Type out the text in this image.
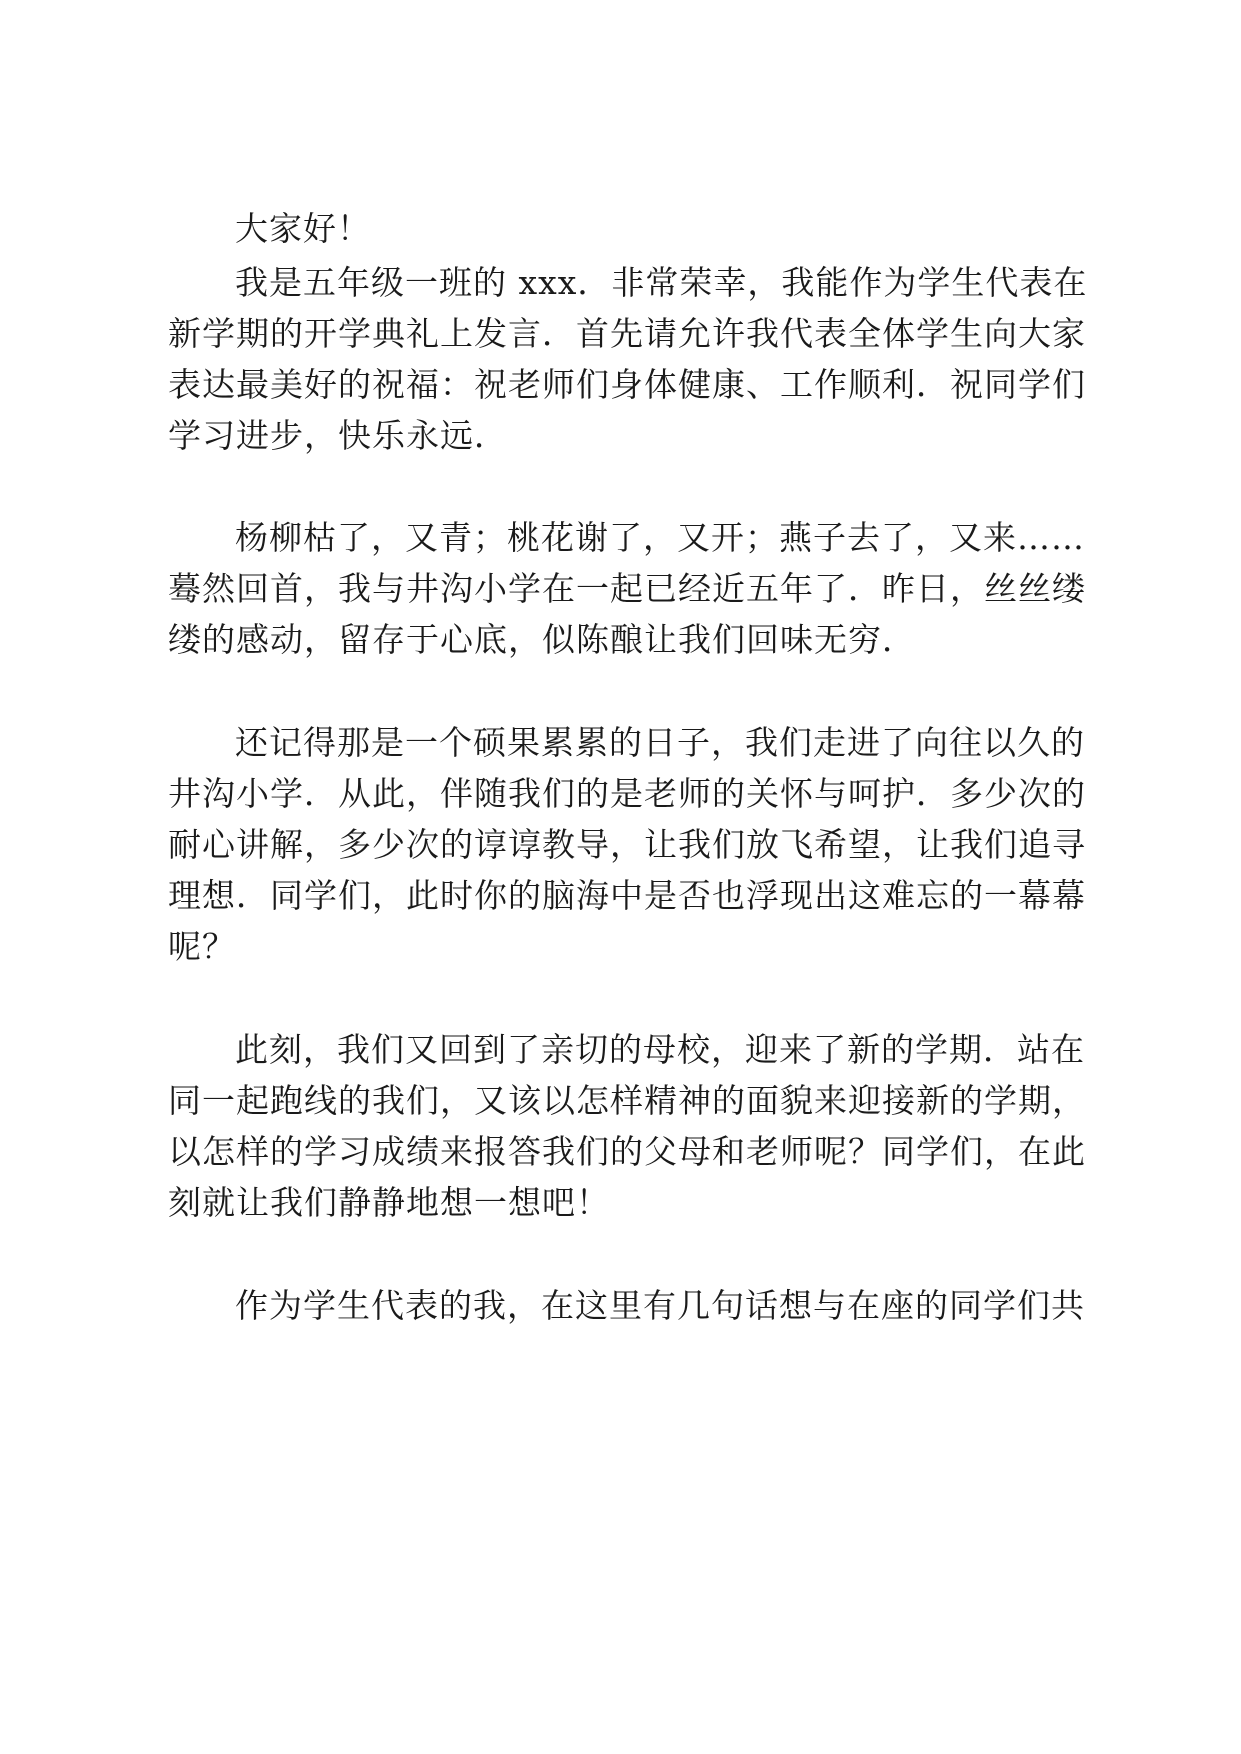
大家好！
我是五年级一班的 xxx．非常荣幸，我能作为学生代表在
新学期的开学典礼上发言．首先请允许我代表全体学生向大家
表达最美好的祝福：祝老师们身体健康、工作顺利．祝同学们
学习进步，快乐永远．
杨柳枯了，又青；桃花谢了，又开；燕子去了，又来……
蓦然回首，我与井沟小学在一起已经近五年了．昨日，丝丝缕
缕的感动，留存于心底，似陈酿让我们回味无穷．
还记得那是一个硕果累累的日子，我们走进了向往以久的
井沟小学．从此，伴随我们的是老师的关怀与呵护．多少次的
耐心讲解，多少次的谆谆教导，让我们放飞希望，让我们追寻
理想．同学们，此时你的脑海中是否也浮现出这难忘的一幕幕
呢？
此刻，我们又回到了亲切的母校，迎来了新的学期．站在
同一起跑线的我们，又该以怎样精神的面貌来迎接新的学期，
以怎样的学习成绩来报答我们的父母和老师呢？同学们，在此
刻就让我们静静地想一想吧！
作为学生代表的我，在这里有几句话想与在座的同学们共
